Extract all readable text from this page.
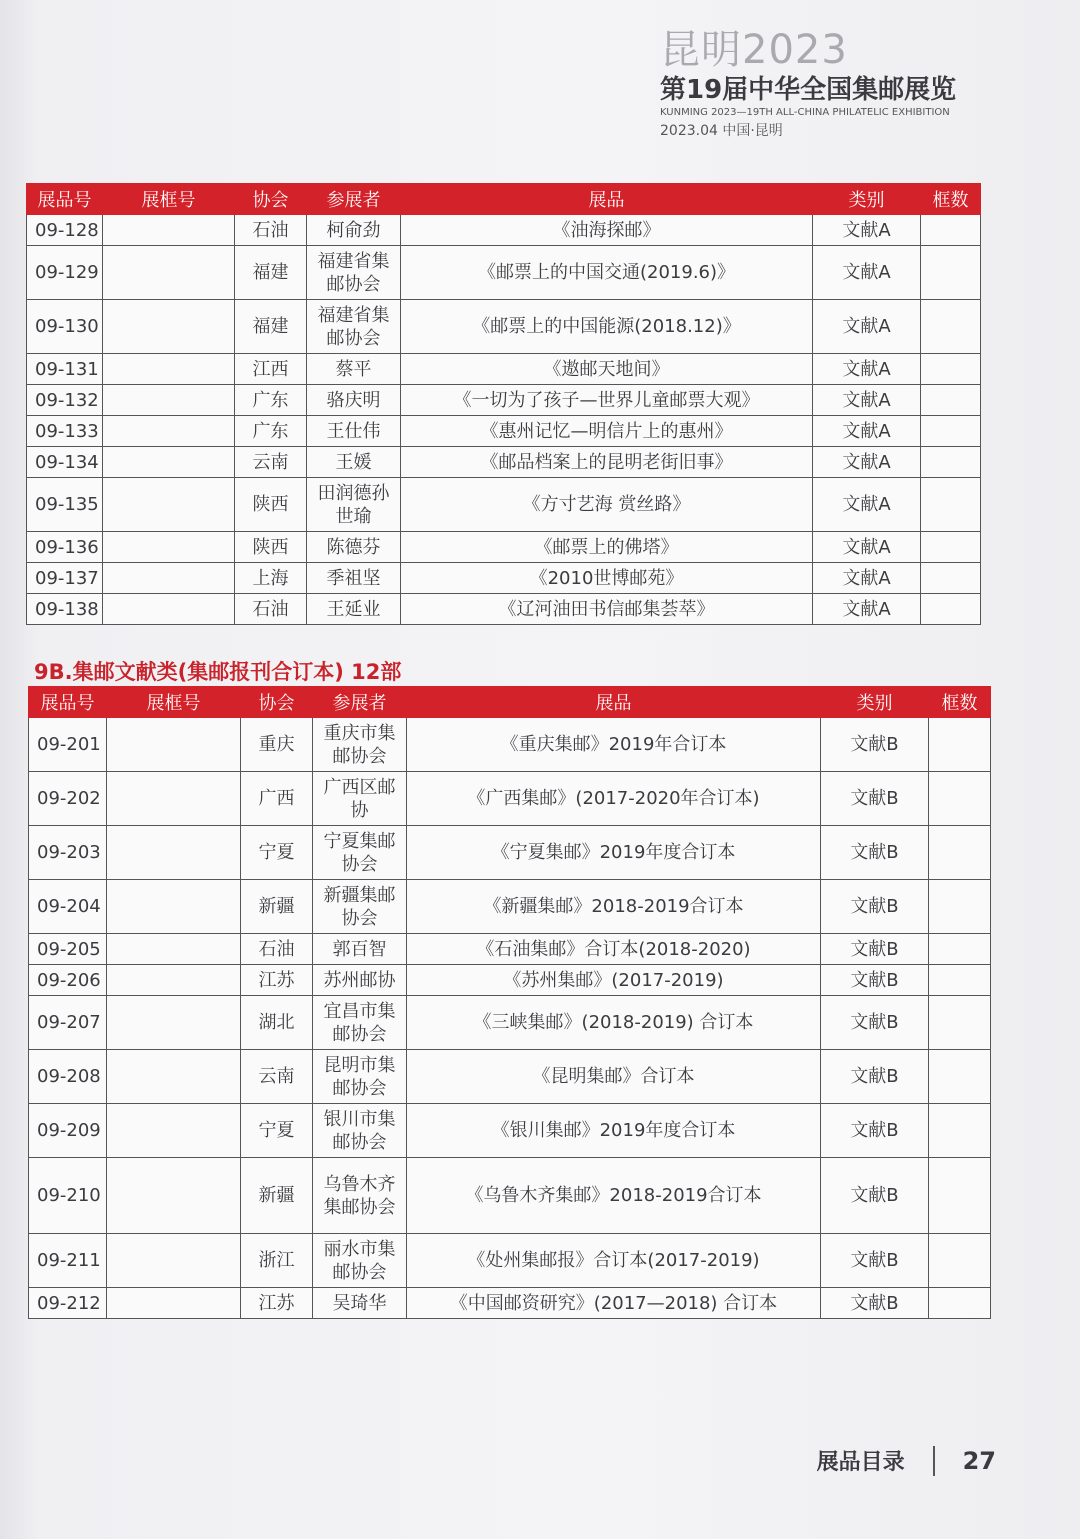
昆明2023
第19届中华全国集邮展览
KUNMING 2023—19TH ALL-CHINA PHILATELIC EXHIBITION
2023.04 中国·昆明
展品号	展框号	协会	参展者	展品	类别	框数
09-128		石油	柯俞劲	《油海探邮》	文献A	
09-129		福建	福建省集邮协会	《邮票上的中国交通(2019.6)》	文献A	
09-130		福建	福建省集邮协会	《邮票上的中国能源(2018.12)》	文献A	
09-131		江西	蔡平	《遨邮天地间》	文献A	
09-132		广东	骆庆明	《一切为了孩子—世界儿童邮票大观》	文献A	
09-133		广东	王仕伟	《惠州记忆—明信片上的惠州》	文献A	
09-134		云南	王媛	《邮品档案上的昆明老街旧事》	文献A	
09-135		陕西	田润德孙世瑜	《方寸艺海 赏丝路》	文献A	
09-136		陕西	陈德芬	《邮票上的佛塔》	文献A	
09-137		上海	季祖坚	《2010世博邮苑》	文献A	
09-138		石油	王延业	《辽河油田书信邮集荟萃》	文献A	
9B.集邮文献类(集邮报刊合订本) 12部
展品号	展框号	协会	参展者	展品	类别	框数
09-201		重庆	重庆市集邮协会	《重庆集邮》2019年合订本	文献B	
09-202		广西	广西区邮协	《广西集邮》(2017-2020年合订本)	文献B	
09-203		宁夏	宁夏集邮协会	《宁夏集邮》2019年度合订本	文献B	
09-204		新疆	新疆集邮协会	《新疆集邮》2018-2019合订本	文献B	
09-205		石油	郭百智	《石油集邮》合订本(2018-2020)	文献B	
09-206		江苏	苏州邮协	《苏州集邮》(2017-2019)	文献B	
09-207		湖北	宜昌市集邮协会	《三峡集邮》(2018-2019) 合订本	文献B	
09-208		云南	昆明市集邮协会	《昆明集邮》合订本	文献B	
09-209		宁夏	银川市集邮协会	《银川集邮》2019年度合订本	文献B	
09-210		新疆	乌鲁木齐集邮协会	《乌鲁木齐集邮》2018-2019合订本	文献B	
09-211		浙江	丽水市集邮协会	《处州集邮报》合订本(2017-2019)	文献B	
09-212		江苏	吴琦华	《中国邮资研究》(2017—2018) 合订本	文献B	
展品目录 27
